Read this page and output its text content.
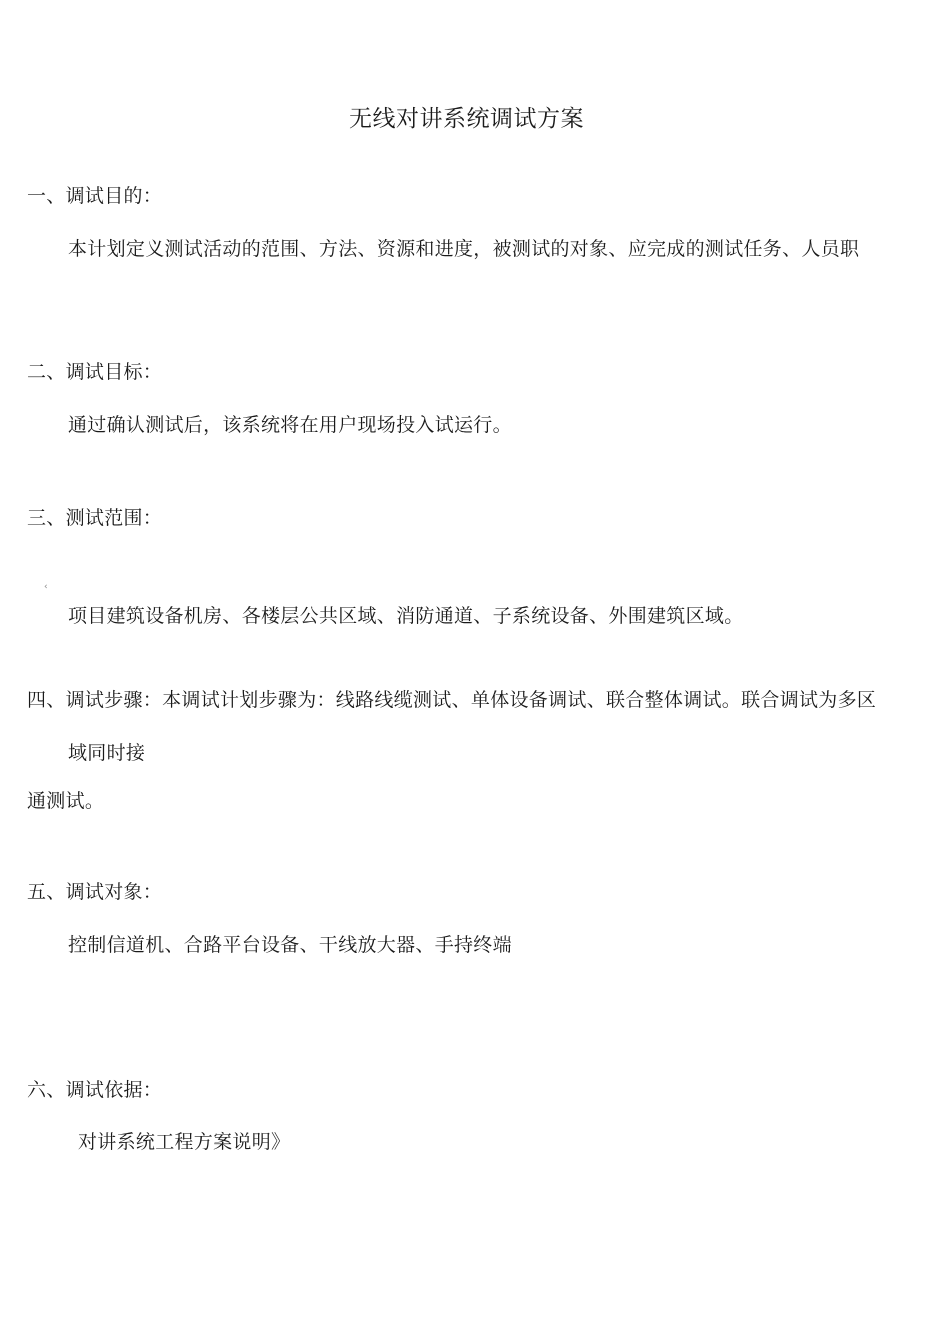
无线对讲系统调试方案
一、调试目的：
本计划定义测试活动的范围、方法、资源和进度，被测试的对象、应完成的测试任务、人员职
二、调试目标：
通过确认测试后，该系统将在用户现场投入试运行。
三、测试范围：
‹
项目建筑设备机房、各楼层公共区域、消防通道、子系统设备、外围建筑区域。
四、调试步骤：本调试计划步骤为：线路线缆测试、单体设备调试、联合整体调试。联合调试为多区
域同时接
通测试。
五、调试对象：
控制信道机、合路平台设备、干线放大器、手持终端
六、调试依据：
对讲系统工程方案说明》
